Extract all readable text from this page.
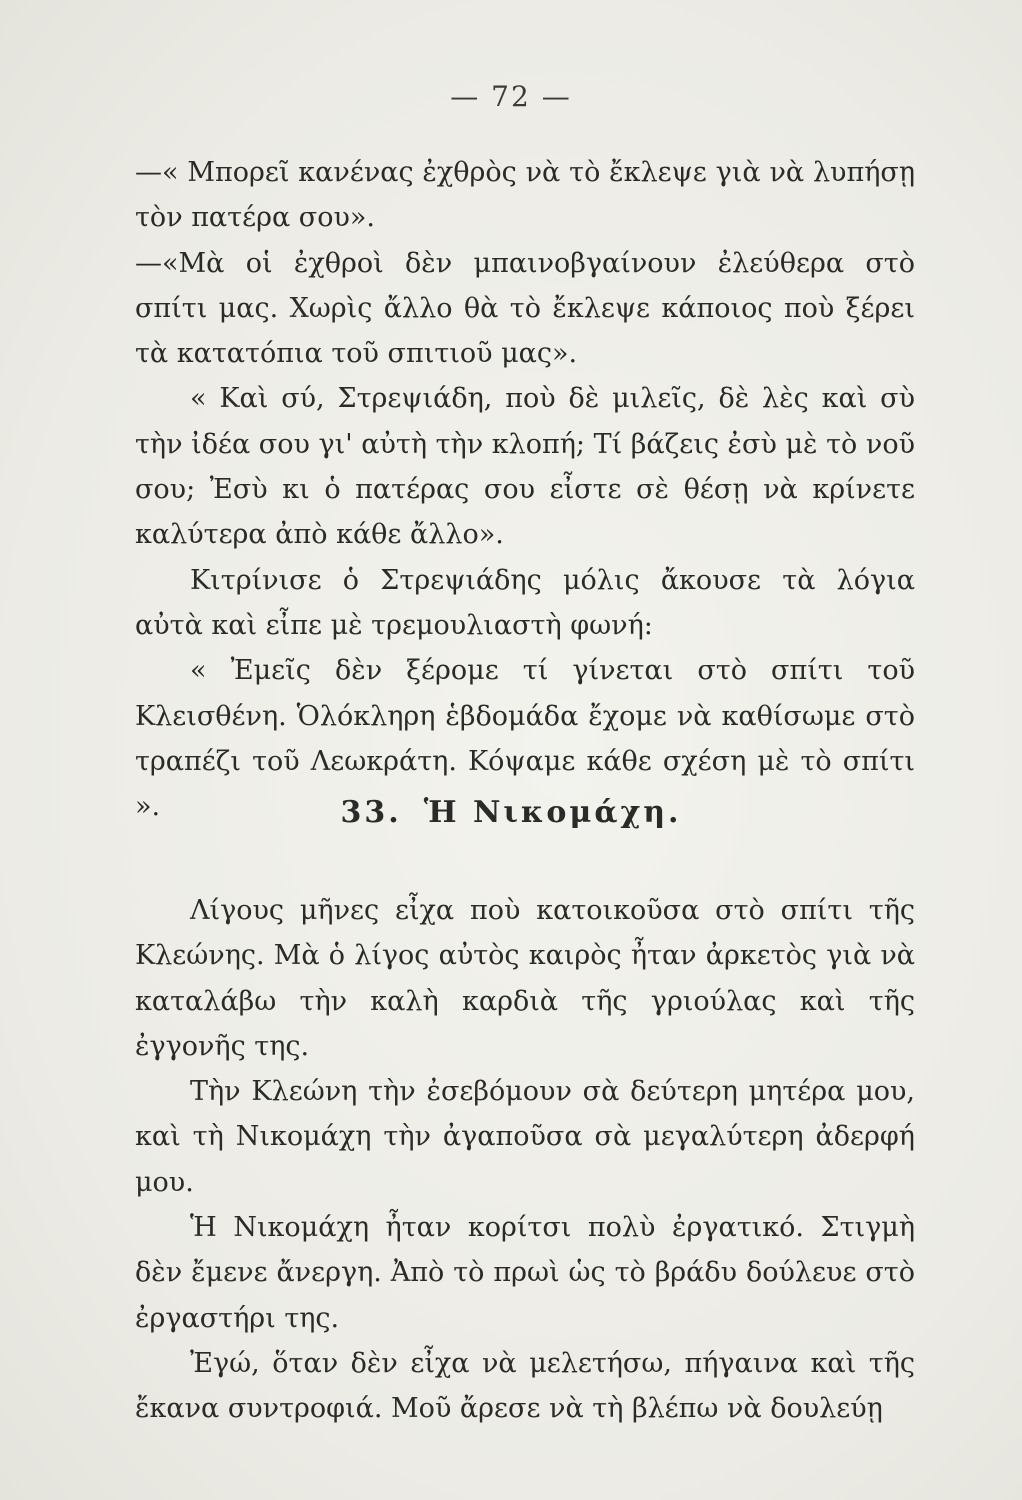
— 72 —

—« Μπορεῖ κανένας ἐχθρὸς νὰ τὸ ἔκλεψε γιὰ νὰ λυπήσῃ τὸν πατέρα σου».

—«Μὰ οἱ ἐχθροὶ δὲν μπαινοβγαίνουν ἐλεύθερα στὸ σπίτι μας. Χωρὶς ἄλλο θὰ τὸ ἔκλεψε κάποιος ποὺ ξέρει τὰ κατατόπια τοῦ σπιτιοῦ μας».

« Καὶ σύ, Στρεψιάδη, ποὺ δὲ μιλεῖς, δὲ λὲς καὶ σὺ τὴν ἰδέα σου γι' αὐτὴ τὴν κλοπή; Τί βάζεις ἐσὺ μὲ τὸ νοῦ σου; Ἐσὺ κι ὁ πατέρας σου εἶστε σὲ θέσῃ νὰ κρίνετε καλύτερα ἀπὸ κάθε ἄλλο».

Κιτρίνισε ὁ Στρεψιάδης μόλις ἄκουσε τὰ λόγια αὐτὰ καὶ εἶπε μὲ τρεμουλιαστὴ φωνή:

« Ἐμεῖς δὲν ξέρομε τί γίνεται στὸ σπίτι τοῦ Κλεισθένη. Ὁλόκληρη ἑβδομάδα ἔχομε νὰ καθίσωμε στὸ τραπέζι τοῦ Λεωκράτη. Κόψαμε κάθε σχέση μὲ τὸ σπίτι ».	33. Ἡ Νικομάχη.

Λίγους μῆνες εἶχα ποὺ κατοικοῦσα στὸ σπίτι τῆς Κλεώνης. Μὰ ὁ λίγος αὐτὸς καιρὸς ἦταν ἀρκετὸς γιὰ νὰ καταλάβω τὴν καλὴ καρδιὰ τῆς γριούλας καὶ τῆς ἐγγονῆς της.

Τὴν Κλεώνη τὴν ἐσεβόμουν σὰ δεύτερη μητέρα μου, καὶ τὴ Νικομάχη τὴν ἀγαποῦσα σὰ μεγαλύτερη ἀδερφή μου.

Ἡ Νικομάχη ἦταν κορίτσι πολὺ ἐργατικό. Στιγμὴ δὲν ἔμενε ἄνεργη. Ἀπὸ τὸ πρωὶ ὡς τὸ βράδυ δούλευε στὸ ἐργαστήρι της.

Ἐγώ, ὅταν δὲν εἶχα νὰ μελετήσω, πήγαινα καὶ τῆς ἔκανα συντροφιά. Μοῦ ἄρεσε νὰ τὴ βλέπω νὰ δουλεύῃ
